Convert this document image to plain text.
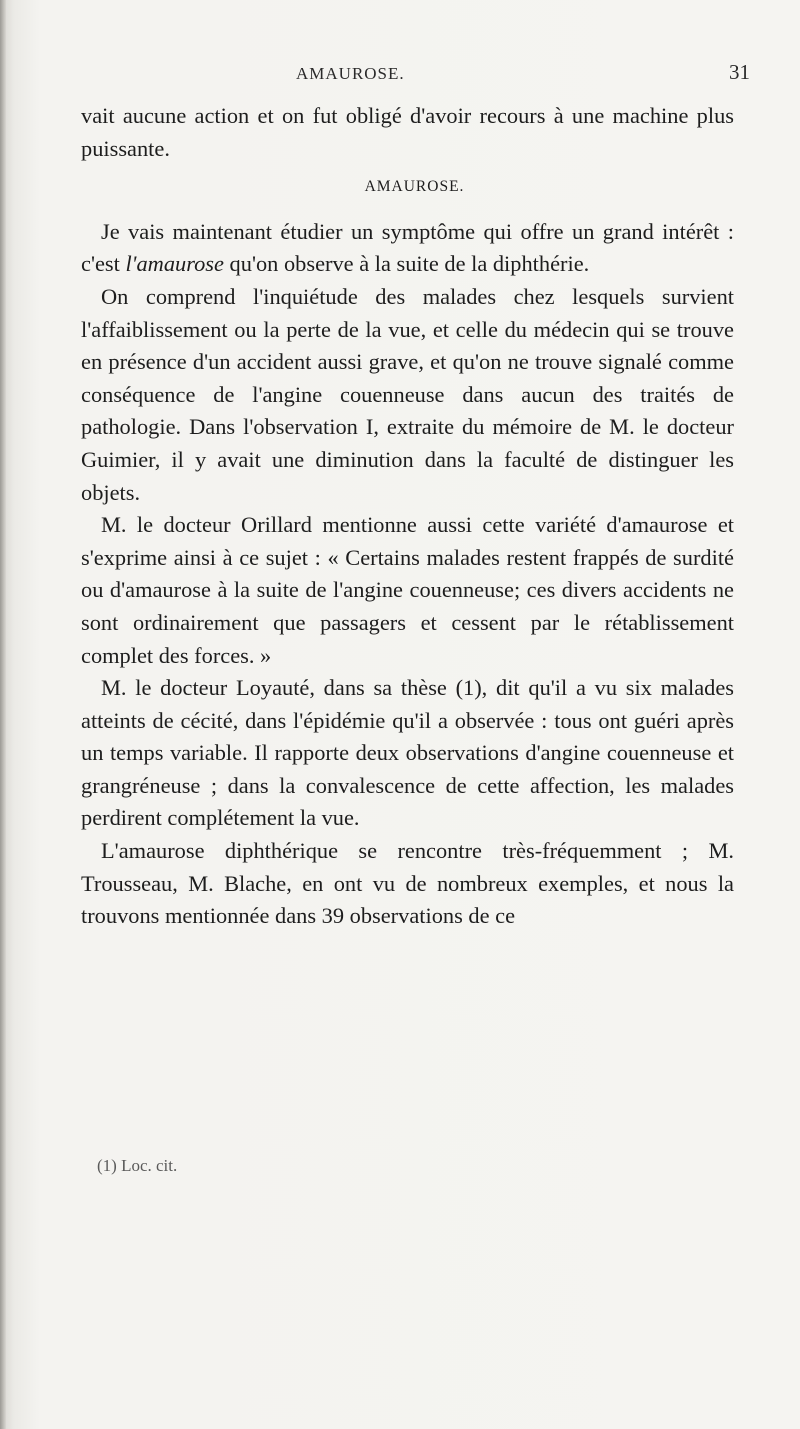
AMAUROSE.	31

vait aucune action et on fut obligé d'avoir recours à une machine plus puissante.

AMAUROSE.

Je vais maintenant étudier un symptôme qui offre un grand intérêt : c'est l'amaurose qu'on observe à la suite de la diphthérie.

On comprend l'inquiétude des malades chez lesquels survient l'affaiblissement ou la perte de la vue, et celle du médecin qui se trouve en présence d'un accident aussi grave, et qu'on ne trouve signalé comme conséquence de l'angine couenneuse dans aucun des traités de pathologie. Dans l'observation I, extraite du mémoire de M. le docteur Guimier, il y avait une diminution dans la faculté de distinguer les objets.

M. le docteur Orillard mentionne aussi cette variété d'amaurose et s'exprime ainsi à ce sujet : « Certains malades restent frappés de surdité ou d'amaurose à la suite de l'angine couenneuse; ces divers accidents ne sont ordinairement que passagers et cessent par le rétablissement complet des forces. »

M. le docteur Loyauté, dans sa thèse (1), dit qu'il a vu six malades atteints de cécité, dans l'épidémie qu'il a observée : tous ont guéri après un temps variable. Il rapporte deux observations d'angine couenneuse et grangréneuse ; dans la convalescence de cette affection, les malades perdirent complétement la vue.

L'amaurose diphthérique se rencontre très-fréquemment ; M. Trousseau, M. Blache, en ont vu de nombreux exemples, et nous la trouvons mentionnée dans 39 observations de ce

(1) Loc. cit.
